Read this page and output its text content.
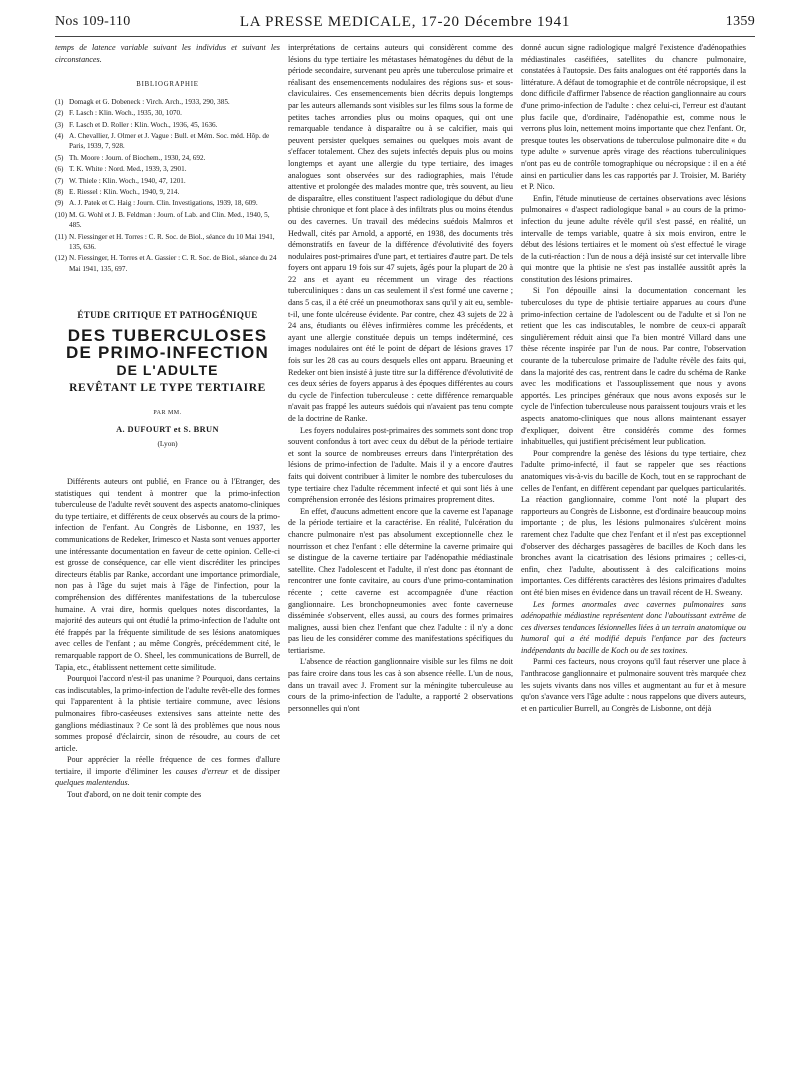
Nos 109-110	LA PRESSE MEDICALE, 17-20 Décembre 1941	1359

temps de latence variable suivant les individus et suivant les circonstances.

BIBLIOGRAPHIE
(1) Domagk et G. Dobeneck : Virch. Arch., 1933, 290, 385.
(2) F. Lasch : Klin. Woch., 1935, 30, 1070.
(3) F. Lasch et D. Roller : Klin. Woch., 1936, 45, 1636.
(4) A. Chevallier, J. Olmer et J. Vague : Bull. et Mém. Soc. méd. Hôp. de Paris, 1939, 7, 928.
(5) Th. Moore : Journ. of Biochem., 1930, 24, 692.
(6) T. K. White : Nord. Med., 1939, 3, 2901.
(7) W. Thiele : Klin. Woch., 1940, 47, 1201.
(8) E. Riessel : Klin. Woch., 1940, 9, 214.
(9) A. J. Patek et C. Haig : Journ. Clin. Investigations, 1939, 18, 609.
(10) M. G. Wohl et J. B. Feldman : Journ. of Lab. and Clin. Med., 1940, 5, 485.
(11) N. Fiessinger et H. Torres : C. R. Soc. de Biol., séance du 10 Mai 1941, 135, 636.
(12) N. Fiessinger, H. Torres et A. Gassier : C. R. Soc. de Biol., séance du 24 Mai 1941, 135, 697.
ÉTUDE CRITIQUE ET PATHOGÉNIQUE
DES TUBERCULOSES
DE PRIMO-INFECTION
DE L'ADULTE
REVÊTANT LE TYPE TERTIAIRE
PAR MM.
A. DUFOURT et S. BRUN
(Lyon)

Différents auteurs ont publié, en France ou à l'Etranger, des statistiques qui tendent à montrer que la primo-infection tuberculeuse de l'adulte revêt souvent des aspects anatomo-cliniques du type tertiaire, et différents de ceux observés au cours de la primo-infection de l'enfant. Au Congrès de Lisbonne, en 1937, les communications de Redeker, Irimesco et Nasta sont venues apporter une intéressante documentation en faveur de cette opinion. Celle-ci est grosse de conséquence, car elle vient discréditer les principes directeurs établis par Ranke, accordant une importance primordiale, non pas à l'âge du sujet mais à l'âge de l'infection, pour la compréhension des différentes manifestations de la tuberculose humaine. A vrai dire, hormis quelques notes discordantes, la majorité des auteurs qui ont étudié la primo-infection de l'adulte ont été frappés par la fréquente similitude de ses lésions anatomiques avec celles de l'enfant ; au même Congrès, précédemment cité, le remarquable rapport de O. Sheel, les communications de Burrell, de Tapia, etc., établissent nettement cette similitude.

Pourquoi l'accord n'est-il pas unanime ? Pourquoi, dans certains cas indiscutables, la primo-infection de l'adulte revêt-elle des formes qui l'apparentent à la phtisie tertiaire commune, avec lésions pulmonaires fibro-caséeuses extensives sans atteinte nette des ganglions médiastinaux ? Ce sont là des problèmes que nous nous sommes proposé d'éclaircir, sinon de résoudre, au cours de cet article.

Pour apprécier la réelle fréquence de ces formes d'allure tertiaire, il importe d'éliminer les causes d'erreur et de dissiper quelques malentendus.

Tout d'abord, on ne doit tenir compte des

interprétations de certains auteurs qui considèrent comme des lésions du type tertiaire les métastases hématogènes du début de la période secondaire, survenant peu après une tuberculose primaire et réalisant des ensemencements nodulaires des régions sus- et sous-claviculaires. Ces ensemencements bien décrits depuis longtemps par les auteurs allemands sont visibles sur les films sous la forme de petites taches arrondies plus ou moins opaques, qui ont une remarquable tendance à disparaître ou à se calcifier, mais qui peuvent persister quelques semaines ou quelques mois avant de s'effacer totalement. Chez des sujets infectés depuis plus ou moins longtemps et ayant une allergie du type tertiaire, des images analogues sont observées sur des radiographies, mais l'étude attentive et prolongée des malades montre que, très souvent, au lieu de disparaître, elles constituent l'aspect radiologique du début d'une phtisie chronique et font place à des infiltrats plus ou moins étendus ou des cavernes. Un travail des médecins suédois Malmros et Hedwall, cités par Arnold, a apporté, en 1938, des documents très démonstratifs en faveur de la différence d'évolutivité des foyers nodulaires post-primaires d'une part, et tertiaires d'autre part. De tels foyers ont apparu 19 fois sur 47 sujets, âgés pour la plupart de 20 à 22 ans et ayant eu récemment un virage des réactions tuberculiniques : dans un cas seulement il s'est formé une caverne ; dans 5 cas, il a été créé un pneumothorax sans qu'il y ait eu, semble-t-il, une fonte ulcéreuse évidente. Par contre, chez 43 sujets de 22 à 24 ans, étudiants ou élèves infirmières comme les précédents, et ayant une allergie constituée depuis un temps indéterminé, ces images nodulaires ont été le point de départ de lésions graves 17 fois sur les 28 cas au cours desquels elles ont apparu. Braeuning et Redeker ont bien insisté à juste titre sur la différence d'évolutivité de ces deux séries de foyers apparus à des époques différentes au cours du cycle de l'infection tuberculeuse : cette différence remarquable n'avait pas frappé les auteurs suédois qui n'avaient pas tenu compte de la doctrine de Ranke.

Les foyers nodulaires post-primaires des sommets sont donc trop souvent confondus à tort avec ceux du début de la période tertiaire et sont la source de nombreuses erreurs dans l'interprétation des lésions de primo-infection de l'adulte. Mais il y a encore d'autres faits qui doivent contribuer à limiter le nombre des tuberculoses du type tertiaire chez l'adulte récemment infecté et qui sont liés à une compréhension erronée des lésions primaires proprement dites.

En effet, d'aucuns admettent encore que la caverne est l'apanage de la période tertiaire et la caractérise. En réalité, l'ulcération du chancre pulmonaire n'est pas absolument exceptionnelle chez le nourrisson et chez l'enfant : elle détermine la caverne primaire qui se distingue de la caverne tertiaire par l'adénopathie médiastinale satellite. Chez l'adolescent et l'adulte, il n'est donc pas étonnant de rencontrer une fonte cavitaire, au cours d'une primo-contamination récente ; cette caverne est accompagnée d'une réaction ganglionnaire. Les bronchopneumonies avec fonte caverneuse disséminée s'observent, elles aussi, au cours des formes primaires malignes, aussi bien chez l'enfant que chez l'adulte : il n'y a donc pas lieu de les considérer comme des manifestations spécifiques du tertiarisme.

L'absence de réaction ganglionnaire visible sur les films ne doit pas faire croire dans tous les cas à son absence réelle. L'un de nous, dans un travail avec J. Froment sur la méningite tuberculeuse au cours de la primo-infection de l'adulte, a rapporté 2 observations personnelles qui n'ont

donné aucun signe radiologique malgré l'existence d'adénopathies médiastinales caséifiées, satellites du chancre pulmonaire, constatées à l'autopsie. Des faits analogues ont été rapportés dans la littérature. A défaut de tomographie et de contrôle nécropsique, il est donc difficile d'affirmer l'absence de réaction ganglionnaire au cours d'une primo-infection de l'adulte : chez celui-ci, l'erreur est d'autant plus facile que, d'ordinaire, l'adénopathie est, comme nous le verrons plus loin, nettement moins importante que chez l'enfant. Or, presque toutes les observations de tuberculose pulmonaire dite « du type adulte » survenue après virage des réactions tuberculiniques n'ont pas eu de contrôle tomographique ou nécropsique : il en a été ainsi en particulier dans les cas rapportés par J. Troisier, M. Bariéty et P. Nico.

Enfin, l'étude minutieuse de certaines observations avec lésions pulmonaires « d'aspect radiologique banal » au cours de la primo-infection du jeune adulte révèle qu'il s'est passé, en réalité, un intervalle de temps variable, quatre à six mois environ, entre le début des lésions tertiaires et le moment où s'est effectué le virage de la cuti-réaction : l'un de nous a déjà insisté sur cet intervalle libre qui montre que la phtisie ne s'est pas installée aussitôt après la constitution des lésions primaires.

Si l'on dépouille ainsi la documentation concernant les tuberculoses du type de phtisie tertiaire apparues au cours d'une primo-infection certaine de l'adolescent ou de l'adulte et si l'on ne retient que les cas indiscutables, le nombre de ceux-ci apparaît singulièrement réduit ainsi que l'a bien montré Villard dans une thèse récente inspirée par l'un de nous. Par contre, l'observation courante de la tuberculose primaire de l'adulte révèle des faits qui, dans la majorité des cas, rentrent dans le cadre du schéma de Ranke avec les modifications et l'assouplissement que nous y avons apportés. Les principes généraux que nous avons exposés sur le cycle de l'infection tuberculeuse nous paraissent toujours vrais et les aspects anatomo-cliniques que nous allons maintenant essayer d'expliquer, doivent être considérés comme des formes inhabituelles, qui justifient précisément leur publication.

Pour comprendre la genèse des lésions du type tertiaire, chez l'adulte primo-infecté, il faut se rappeler que ses réactions anatomiques vis-à-vis du bacille de Koch, tout en se rapprochant de celles de l'enfant, en diffèrent cependant par quelques particularités. La réaction ganglionnaire, comme l'ont noté la plupart des rapporteurs au Congrès de Lisbonne, est d'ordinaire beaucoup moins importante ; de plus, les lésions pulmonaires s'ulcèrent moins rarement chez l'adulte que chez l'enfant et il n'est pas exceptionnel d'observer des décharges passagères de bacilles de Koch dans les bronches avant la cicatrisation des lésions primaires ; celles-ci, enfin, chez l'adulte, aboutissent à des calcifications moins importantes. Ces différents caractères des lésions primaires d'adultes ont été bien mises en évidence dans un travail récent de H. Sweany.

Les formes anormales avec cavernes pulmonaires sans adénopathie médiastine représentent donc l'aboutissant extrême de ces diverses tendances lésionnelles liées à un terrain anatomique ou humoral qui a été modifié depuis l'enfance par des facteurs indépendants du bacille de Koch ou de ses toxines.

Parmi ces facteurs, nous croyons qu'il faut réserver une place à l'anthracose ganglionnaire et pulmonaire souvent très marquée chez les sujets vivants dans nos villes et augmentant au fur et à mesure qu'on s'avance vers l'âge adulte : nous rappelons que divers auteurs, et en particulier Burrell, au Congrès de Lisbonne, ont déjà
